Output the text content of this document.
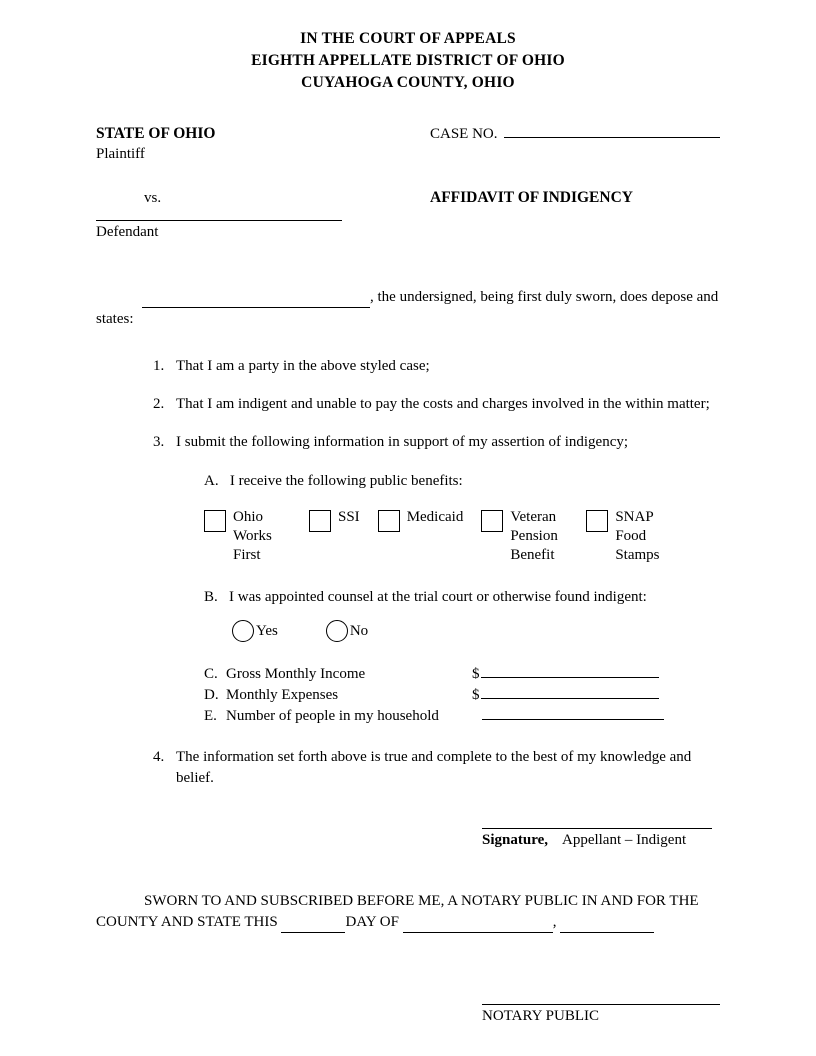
IN THE COURT OF APPEALS
EIGHTH APPELLATE DISTRICT OF OHIO
CUYAHOGA COUNTY, OHIO
STATE OF OHIO
Plaintiff
vs.
Defendant
CASE NO.
AFFIDAVIT OF INDIGENCY
, the undersigned, being first duly sworn, does depose and states:
1. That I am a party in the above styled case;
2. That I am indigent and unable to pay the costs and charges involved in the within matter;
3. I submit the following information in support of my assertion of indigency;
A. I receive the following public benefits:
Ohio Works First
SSI	Medicaid	Veteran Pension Benefit
SNAP Food Stamps
B. I was appointed counsel at the trial court or otherwise found indigent:
Yes	No
C. Gross Monthly Income	$
D. Monthly Expenses	$
E. Number of people in my household
4. The information set forth above is true and complete to the best of my knowledge and belief.
Signature, Appellant – Indigent
SWORN TO AND SUBSCRIBED BEFORE ME, A NOTARY PUBLIC IN AND FOR THE
COUNTY AND STATE THIS	DAY OF	,
NOTARY PUBLIC
